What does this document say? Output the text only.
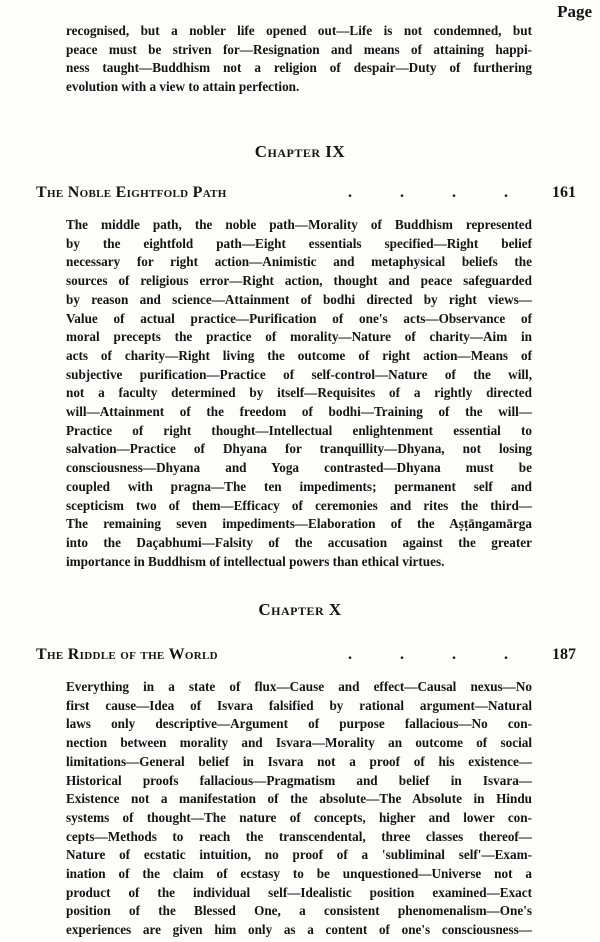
Page
recognised, but a nobler life opened out—Life is not condemned, but
peace must be striven for—Resignation and means of attaining happi-
ness taught—Buddhism not a religion of despair—Duty of furthering
evolution with a view to attain perfection.
Chapter IX
The Noble Eightfold Path	. . . . 161
The middle path, the noble path—Morality of Buddhism represented
by the eightfold path—Eight essentials specified—Right belief
necessary for right action—Animistic and metaphysical beliefs the
sources of religious error—Right action, thought and peace safeguarded
by reason and science—Attainment of bodhi directed by right views—
Value of actual practice—Purification of one's acts—Observance of
moral precepts the practice of morality—Nature of charity—Aim in
acts of charity—Right living the outcome of right action—Means of
subjective purification—Practice of self-control—Nature of the will,
not a faculty determined by itself—Requisites of a rightly directed
will—Attainment of the freedom of bodhi—Training of the will—
Practice of right thought—Intellectual enlightenment essential to
salvation—Practice of Dhyana for tranquillity—Dhyana, not losing
consciousness—Dhyana and Yoga contrasted—Dhyana must be
coupled with pragna—The ten impediments; permanent self and
scepticism two of them—Efficacy of ceremonies and rites the third—
The remaining seven impediments—Elaboration of the Aṣṭāngamārga
into the Daçabhumi—Falsity of the accusation against the greater
importance in Buddhism of intellectual powers than ethical virtues.
Chapter X
The Riddle of the World	. . . . 187
Everything in a state of flux—Cause and effect—Causal nexus—No
first cause—Idea of Isvara falsified by rational argument—Natural
laws only descriptive—Argument of purpose fallacious—No con-
nection between morality and Isvara—Morality an outcome of social
limitations—General belief in Isvara not a proof of his existence—
Historical proofs fallacious—Pragmatism and belief in Isvara—
Existence not a manifestation of the absolute—The Absolute in Hindu
systems of thought—The nature of concepts, higher and lower con-
cepts—Methods to reach the transcendental, three classes thereof—
Nature of ecstatic intuition, no proof of a 'subliminal self'—Exam-
ination of the claim of ecstasy to be unquestioned—Universe not a
product of the individual self—Idealistic position examined—Exact
position of the Blessed One, a consistent phenomenalism—One's
experiences are given him only as a content of one's consciousness—
